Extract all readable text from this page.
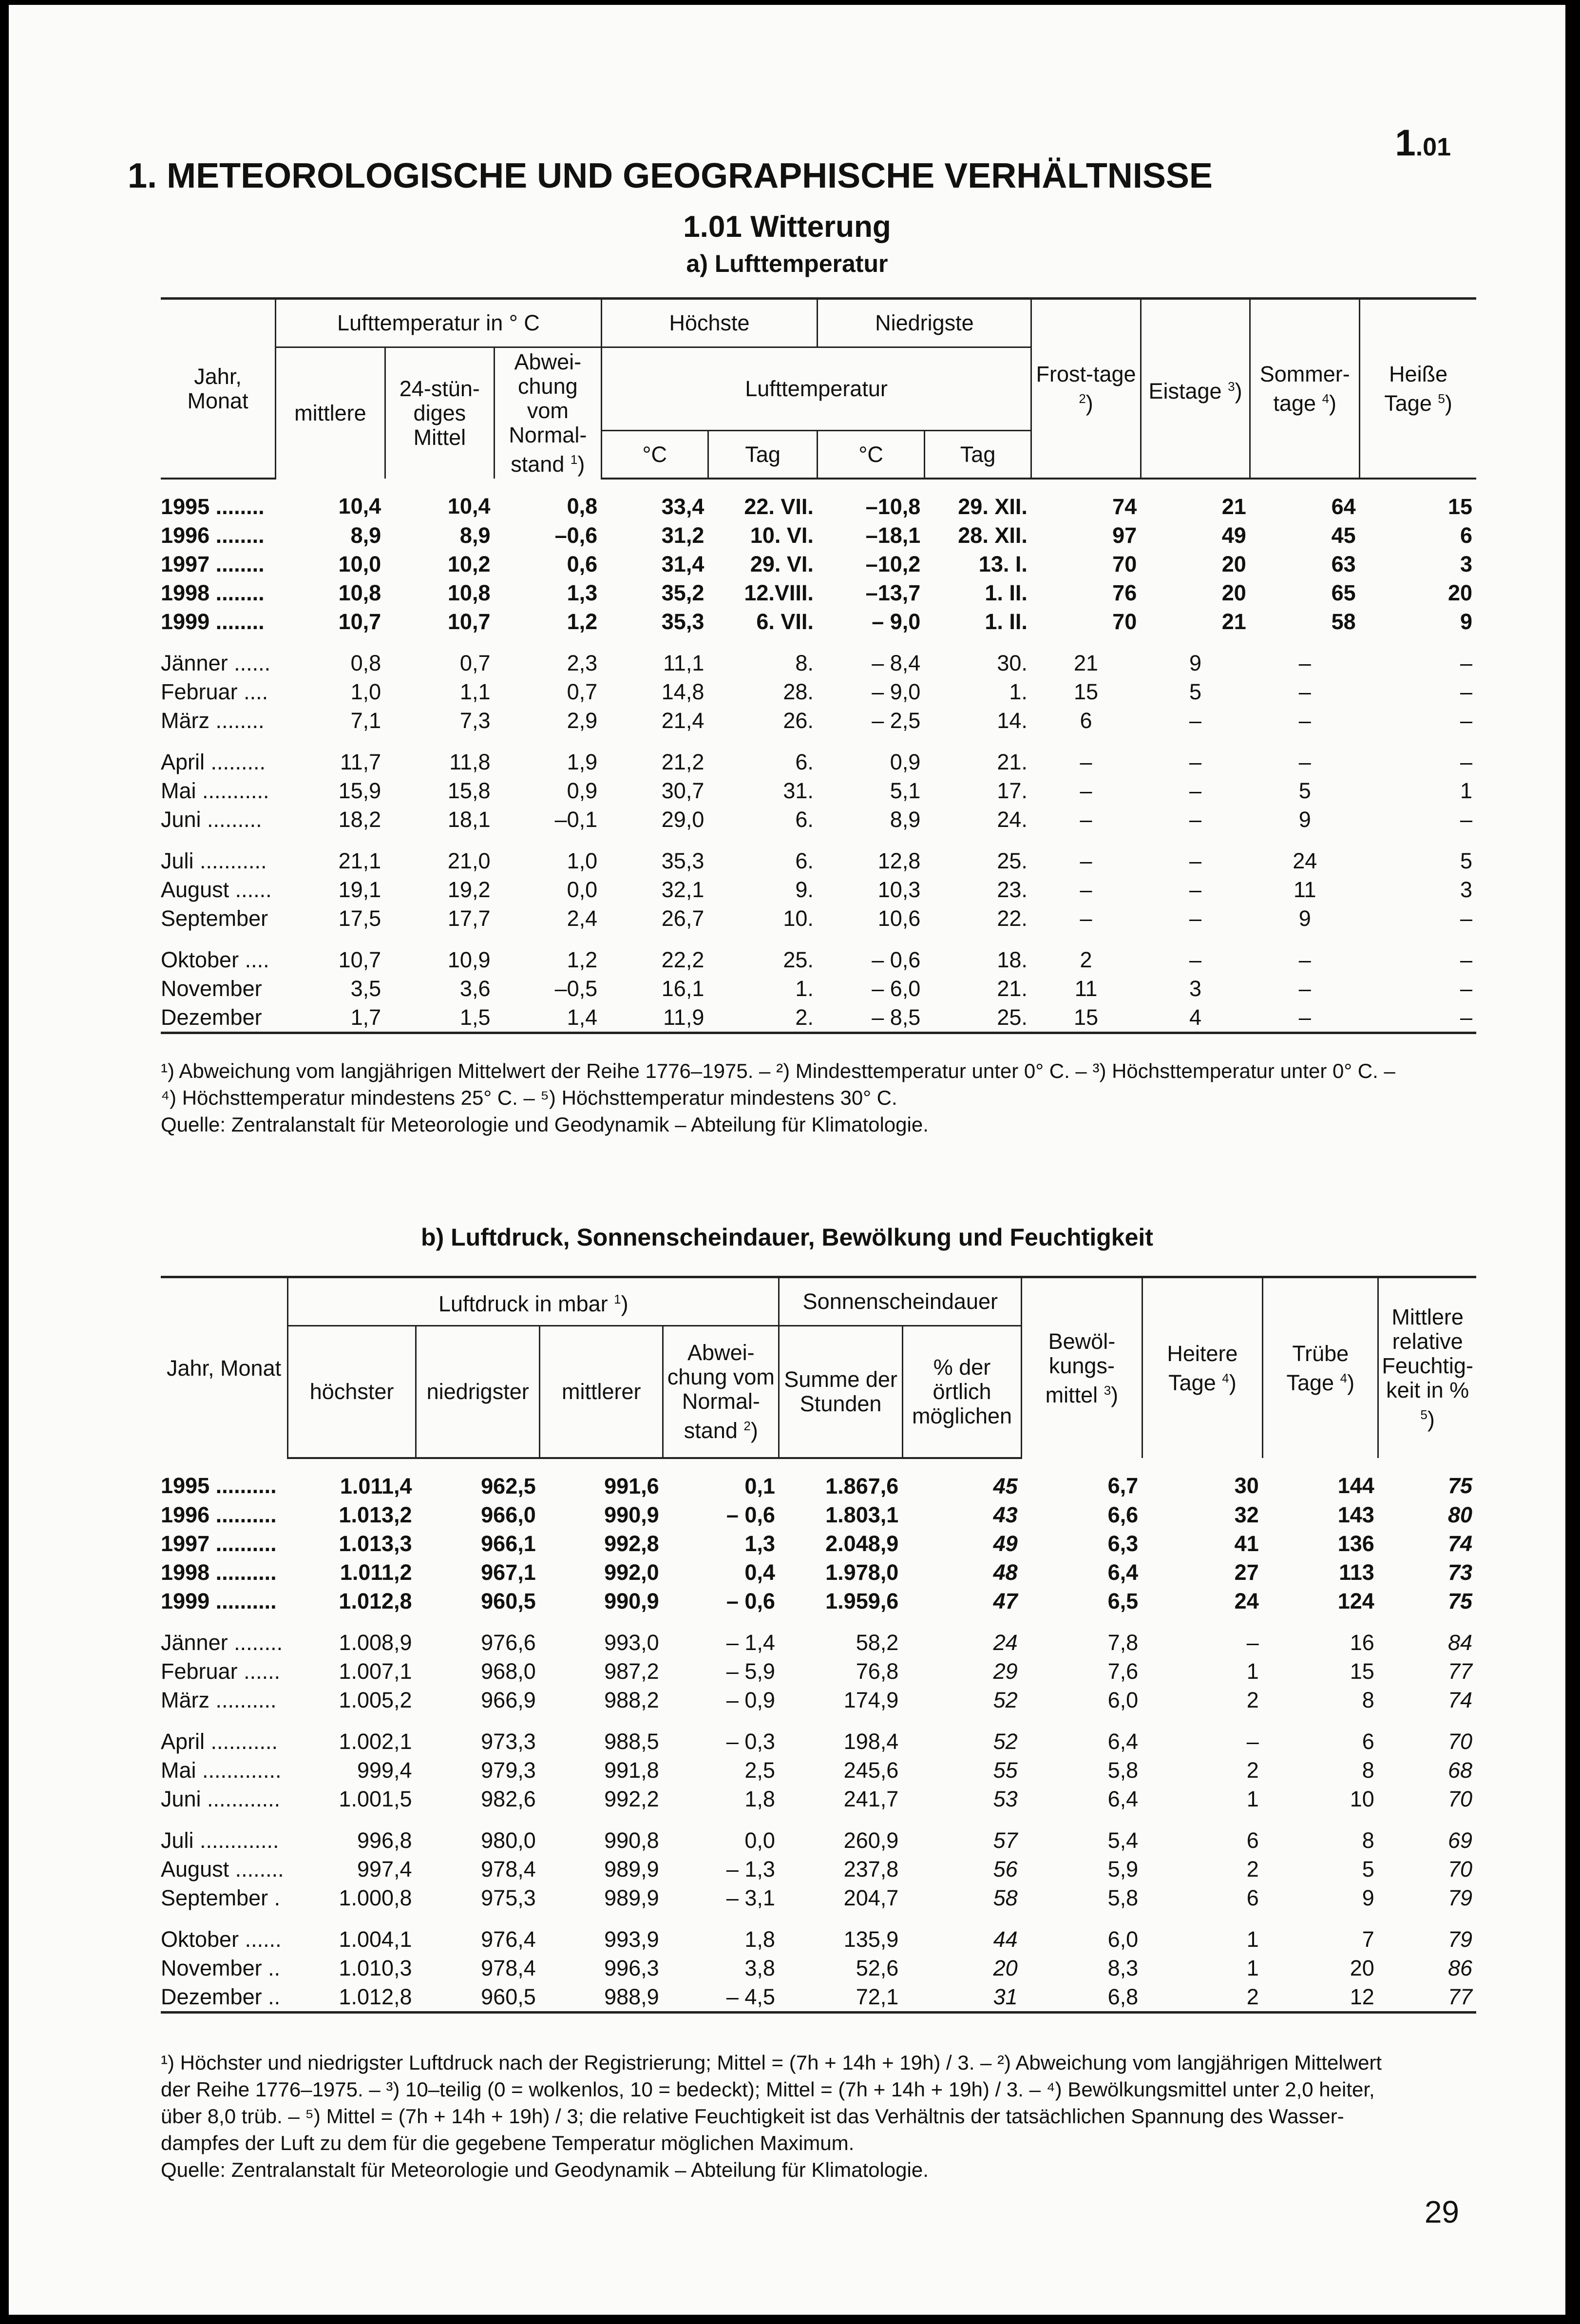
1.01
1. METEOROLOGISCHE UND GEOGRAPHISCHE VERHÄLTNISSE
1.01 Witterung
a) Lufttemperatur
Jahr, Monat	Lufttemperatur in ° C			Höchste		Niedrigste		Frost-tage $^2$)	Eistage $^3$)	Sommer-tage $^4$)	Heiße Tage $^5$)
	mittlere	24-stün-diges Mittel	Abwei-chung vom Normal-stand $^1$)	Lufttemperatur							
				°C	Tag	°C	Tag				
1995 ........	10,4	10,4	0,8	33,4	22. VII.	–10,8	29. XII.	74	21	64	15
1996 ........	8,9	8,9	–0,6	31,2	10. VI.	–18,1	28. XII.	97	49	45	6
1997 ........	10,0	10,2	0,6	31,4	29. VI.	–10,2	13. I.	70	20	63	3
1998 ........	10,8	10,8	1,3	35,2	12.VIII.	–13,7	1. II.	76	20	65	20
1999 ........	10,7	10,7	1,2	35,3	6. VII.	– 9,0	1. II.	70	21	58	9
Jänner ......	0,8	0,7	2,3	11,1	8.	– 8,4	30.	21	9	–	–
Februar ....	1,0	1,1	0,7	14,8	28.	– 9,0	1.	15	5	–	–
März ........	7,1	7,3	2,9	21,4	26.	– 2,5	14.	6	–	–	–
April .........	11,7	11,8	1,9	21,2	6.	0,9	21.	–	–	–	–
Mai ...........	15,9	15,8	0,9	30,7	31.	5,1	17.	–	–	5	1
Juni .........	18,2	18,1	–0,1	29,0	6.	8,9	24.	–	–	9	–
Juli ...........	21,1	21,0	1,0	35,3	6.	12,8	25.	–	–	24	5
August ......	19,1	19,2	0,0	32,1	9.	10,3	23.	–	–	11	3
September	17,5	17,7	2,4	26,7	10.	10,6	22.	–	–	9	–
Oktober ....	10,7	10,9	1,2	22,2	25.	– 0,6	18.	2	–	–	–
November	3,5	3,6	–0,5	16,1	1.	– 6,0	21.	11	3	–	–
Dezember	1,7	1,5	1,4	11,9	2.	– 8,5	25.	15	4	–	–

¹) Abweichung vom langjährigen Mittelwert der Reihe 1776–1975. – ²) Mindesttemperatur unter 0° C. – ³) Höchsttemperatur unter 0° C. –

⁴) Höchsttemperatur mindestens 25° C. – ⁵) Höchsttemperatur mindestens 30° C.

Quelle: Zentralanstalt für Meteorologie und Geodynamik – Abteilung für Klimatologie.

b) Luftdruck, Sonnenscheindauer, Bewölkung und Feuchtigkeit
Jahr, Monat	Luftdruck in mbar $^1$)				Sonnenscheindauer		Bewöl-kungs-mittel $^3$)	Heitere Tage $^4$)	Trübe Tage $^4$)	Mittlere relative Feuchtig-keit in % $^5$)
	höchster	niedrigster	mittlerer	Abwei-chung vom Normal-stand $^2$)	Summe der Stunden	% der örtlich möglichen				
1995 ..........	1.011,4	962,5	991,6	0,1	1.867,6	45	6,7	30	144	75
1996 ..........	1.013,2	966,0	990,9	– 0,6	1.803,1	43	6,6	32	143	80
1997 ..........	1.013,3	966,1	992,8	1,3	2.048,9	49	6,3	41	136	74
1998 ..........	1.011,2	967,1	992,0	0,4	1.978,0	48	6,4	27	113	73
1999 ..........	1.012,8	960,5	990,9	– 0,6	1.959,6	47	6,5	24	124	75
Jänner ........	1.008,9	976,6	993,0	– 1,4	58,2	24	7,8	–	16	84
Februar ......	1.007,1	968,0	987,2	– 5,9	76,8	29	7,6	1	15	77
März ..........	1.005,2	966,9	988,2	– 0,9	174,9	52	6,0	2	8	74
April ...........	1.002,1	973,3	988,5	– 0,3	198,4	52	6,4	–	6	70
Mai .............	999,4	979,3	991,8	2,5	245,6	55	5,8	2	8	68
Juni ............	1.001,5	982,6	992,2	1,8	241,7	53	6,4	1	10	70
Juli .............	996,8	980,0	990,8	0,0	260,9	57	5,4	6	8	69
August ........	997,4	978,4	989,9	– 1,3	237,8	56	5,9	2	5	70
September .	1.000,8	975,3	989,9	– 3,1	204,7	58	5,8	6	9	79
Oktober ......	1.004,1	976,4	993,9	1,8	135,9	44	6,0	1	7	79
November ..	1.010,3	978,4	996,3	3,8	52,6	20	8,3	1	20	86
Dezember ..	1.012,8	960,5	988,9	– 4,5	72,1	31	6,8	2	12	77

¹) Höchster und niedrigster Luftdruck nach der Registrierung; Mittel = (7h + 14h + 19h) / 3. – ²) Abweichung vom langjährigen Mittelwert

der Reihe 1776–1975. – ³) 10–teilig (0 = wolkenlos, 10 = bedeckt); Mittel = (7h + 14h + 19h) / 3. – ⁴) Bewölkungsmittel unter 2,0 heiter,

über 8,0 trüb. – ⁵) Mittel = (7h + 14h + 19h) / 3; die relative Feuchtigkeit ist das Verhältnis der tatsächlichen Spannung des Wasser-

dampfes der Luft zu dem für die gegebene Temperatur möglichen Maximum.

Quelle: Zentralanstalt für Meteorologie und Geodynamik – Abteilung für Klimatologie.

29
